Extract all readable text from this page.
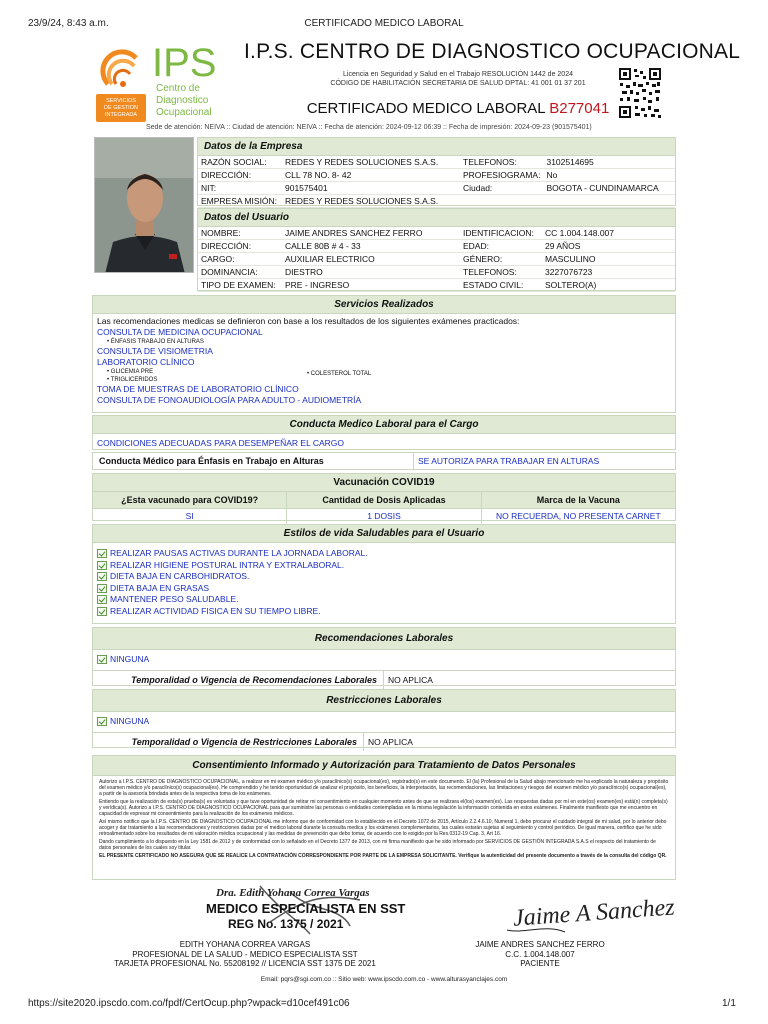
23/9/24, 8:43 a.m.	CERTIFICADO MEDICO LABORAL
SERVICIOS
DE GESTION
INTEGRADA
IPS
Centro de
Diagnostico
Ocupacional
I.P.S. CENTRO DE DIAGNOSTICO OCUPACIONAL
Licencia en Seguridad y Salud en el Trabajo RESOLUCIÓN 1442 de 2024
CÓDIGO DE HABILITACIÓN SECRETARIA DE SALUD DPTAL: 41 001 01 37 201
CERTIFICADO MEDICO LABORAL B277041
Sede de atención: NEIVA :: Ciudad de atención: NEIVA :: Fecha de atención: 2024-09-12 06:39 :: Fecha de impresión: 2024-09-23 (901575401)
Datos de la Empresa
RAZÓN SOCIAL:	REDES Y REDES SOLUCIONES S.A.S.	TELEFONOS:	3102514695
DIRECCIÓN:	CLL 78 NO. 8- 42	PROFESIOGRAMA:	No
NIT:	901575401	Ciudad:	BOGOTA - CUNDINAMARCA
EMPRESA MISIÓN:	REDES Y REDES SOLUCIONES S.A.S.		
Datos del Usuario
NOMBRE:	JAIME ANDRES SANCHEZ FERRO	IDENTIFICACION:	CC 1.004.148.007
DIRECCIÓN:	CALLE 80B # 4 - 33	EDAD:	29 AÑOS
CARGO:	AUXILIAR ELECTRICO	GÉNERO:	MASCULINO
DOMINANCIA:	DIESTRO	TELEFONOS:	3227076723
TIPO DE EXAMEN:	PRE - INGRESO	ESTADO CIVIL:	SOLTERO(A)
Servicios Realizados
Las recomendaciones medicas se definieron con base a los resultados de los siguientes exámenes practicados:
CONSULTA DE MEDICINA OCUPACIONAL
• ÉNFASIS TRABAJO EN ALTURAS
CONSULTA DE VISIOMETRIA
LABORATORIO CLÍNICO
• GLICEMIA PRE
• TRIGLICERIDOS
• COLESTEROL TOTAL
TOMA DE MUESTRAS DE LABORATORIO CLÍNICO
CONSULTA DE FONOAUDIOLOGÍA PARA ADULTO - AUDIOMETRÍA
Conducta Medico Laboral para el Cargo
CONDICIONES ADECUADAS PARA DESEMPEÑAR EL CARGO
Conducta Médico para Énfasis en Trabajo en Alturas	SE AUTORIZA PARA TRABAJAR EN ALTURAS
Vacunación COVID19
¿Esta vacunado para COVID19?	Cantidad de Dosis Aplicadas	Marca de la Vacuna
SI	1 DOSIS	NO RECUERDA, NO PRESENTA CARNET
Estilos de vida Saludables para el Usuario
REALIZAR PAUSAS ACTIVAS DURANTE LA JORNADA LABORAL.
REALIZAR HIGIENE POSTURAL INTRA Y EXTRALABORAL.
DIETA BAJA EN CARBOHIDRATOS.
DIETA BAJA EN GRASAS
MANTENER PESO SALUDABLE.
REALIZAR ACTIVIDAD FISICA EN SU TIEMPO LIBRE.
Recomendaciones Laborales
NINGUNA
Temporalidad o Vigencia de Recomendaciones Laborales	NO APLICA
Restricciones Laborales
NINGUNA
Temporalidad o Vigencia de Restricciones Laborales	NO APLICA
Consentimiento Informado y Autorización para Tratamiento de Datos Personales

Autorizo a I.P.S. CENTRO DE DIAGNOSTICO OCUPACIONAL, a realizar en mi examen médico y/o paraclínico(s) ocupacional(es), registrado(s) en este documento. El (la) Profesional de la Salud abajo mencionado me ha explicado la naturaleza y propósito del examen médico y/o paraclínico(s) ocupacional(es). He comprendido y he tenido oportunidad de analizar el propósito, los beneficios, la interpretación, las recomendaciones, las limitaciones y riesgos del examen médico y/o paraclínico(s) ocupacional(es), a partir de la asesoría brindada antes de la respectiva toma de los exámenes.

Entiendo que la realización de esta(s) prueba(s) es voluntaria y que tuve oportunidad de retirar mi consentimiento en cualquier momento antes de que se realizara el(los) examen(es). Las respuestas dadas por mí en este(os) examen(es) está(n) completa(s) y verídica(s). Autorizo a I.P.S. CENTRO DE DIAGNOSTICO OCUPACIONAL para que suministre las personas o entidades contempladas en la misma legislación la información contenida en estos exámenes. Finalmente manifiesto que me encuentro en capacidad de expresar mi consentimiento para la realización de los exámenes médicos.

Así mismo notifico que la I.P.S. CENTRO DE DIAGNOSTICO OCUPACIONAL me informo que de conformidad con lo establecido en el Decreto 1072 de 2015, Artículo 2.2.4.6.10, Numeral 1, debo procurar el cuidado integral de mi salud, por lo anterior debo acoger y dar tratamiento a las recomendaciones y restricciones dadas por el medico laboral durante la consulta medica y los exámenes complementarios, las cuales estarán sujetas al seguimiento y control periódico. De igual manera, certifico que he sido retroalimentado sobre los resultados de mi valoración médica ocupacional y las medidas de prevención que debo tomar, de acuerdo con lo exigido por la Res.0312-19 Cap. 3, Art 16.

Dando cumplimiento a lo dispuesto en la Ley 1581 de 2012 y de conformidad con lo señalado en el Decreto 1377 de 2013, con mi firma manifiesto que he sido informado por SERVICIOS DE GESTIÓN INTEGRADA S.A.S el respecto del tratamiento de datos personales de los cuales soy titular.

EL PRESENTE CERTIFICADO NO ASEGURA QUE SE REALICE LA CONTRATACIÓN CORRESPONDIENTE POR PARTE DE LA EMPRESA SOLICITANTE. Verifique la autenticidad del presente documento a través de la consulta del código QR.

Dra. Edith Yohana Correa Vargas
MEDICO ESPECIALISTA EN SST
REG No. 1375 / 2021	Jaime A Sanchez
EDITH YOHANA CORREA VARGAS
PROFESIONAL DE LA SALUD - MEDICO ESPECIALISTA SST
TARJETA PROFESIONAL No. 55208192 // LICENCIA SST 1375 DE 2021
JAIME ANDRES SANCHEZ FERRO
C.C. 1.004.148.007
PACIENTE
Email: pqrs@sgi.com.co :: Sitio web: www.ipscdo.com.co - www.alturasyanclajes.com
https://site2020.ipscdo.com.co/fpdf/CertOcup.php?wpack=d10cef491c06	1/1
